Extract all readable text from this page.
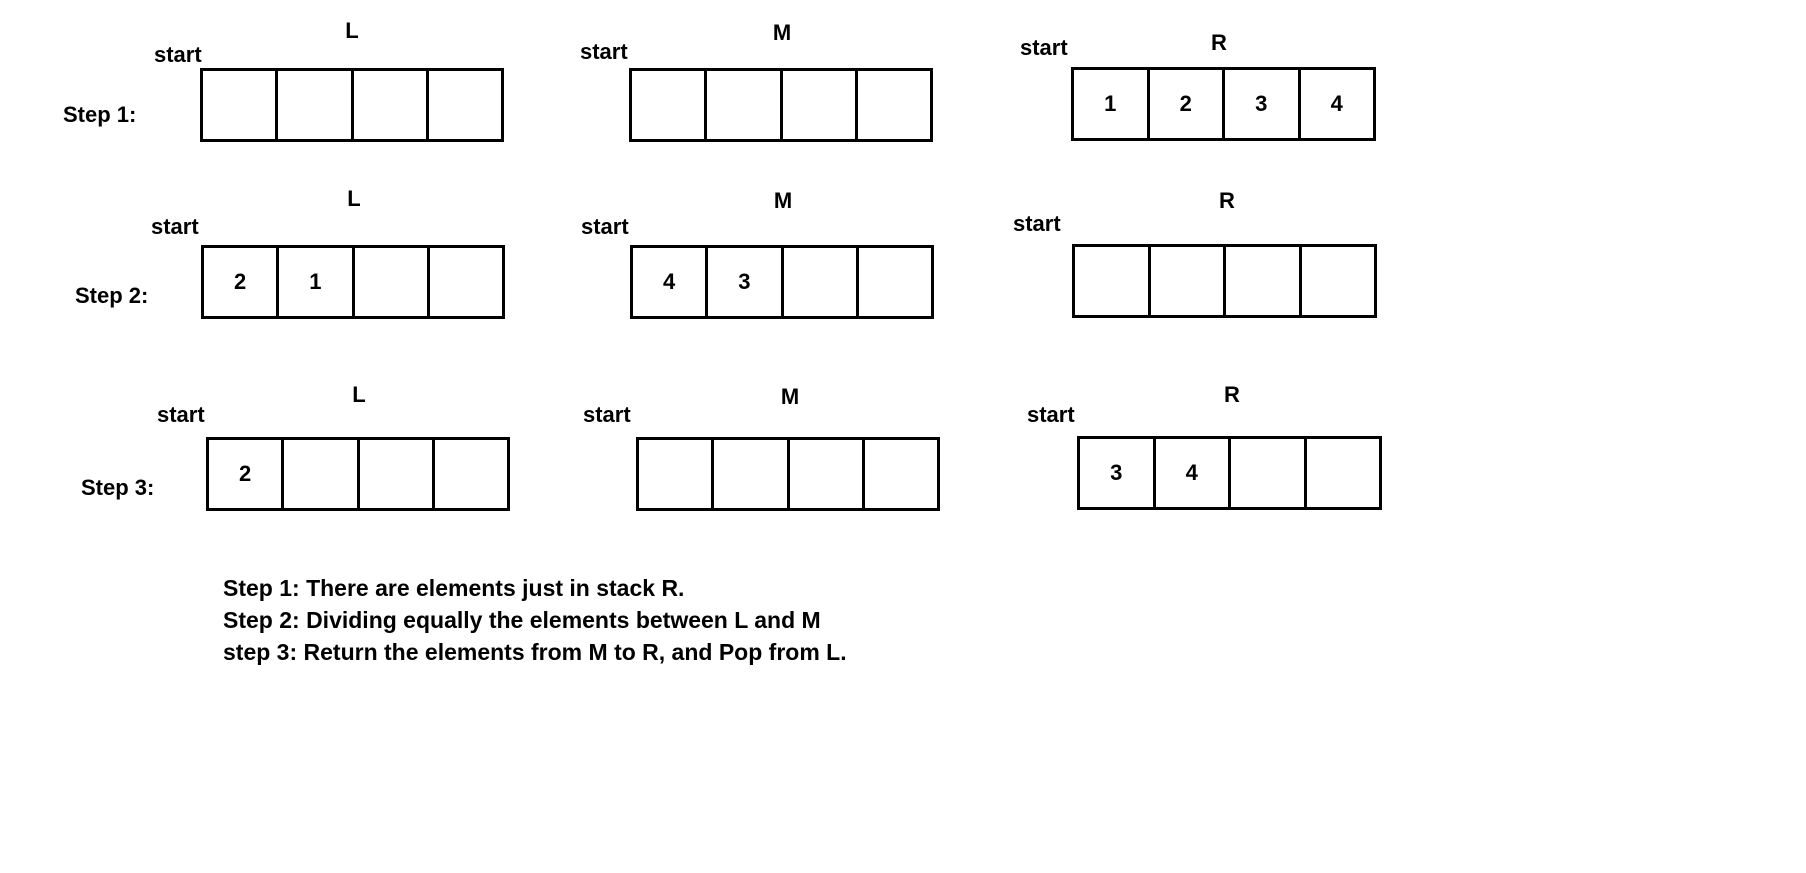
Step 1:
L
start
M
start	R
start
1	2	3	4
Step 2:
L
start
2	1
M
start
4	3
R
start
Step 3:
L
start
2
M
start
R
start
3	4
Step 1: There are elements just in stack R.
Step 2: Dividing equally the elements between L and M
step 3: Return the elements from M to R, and Pop from L.
